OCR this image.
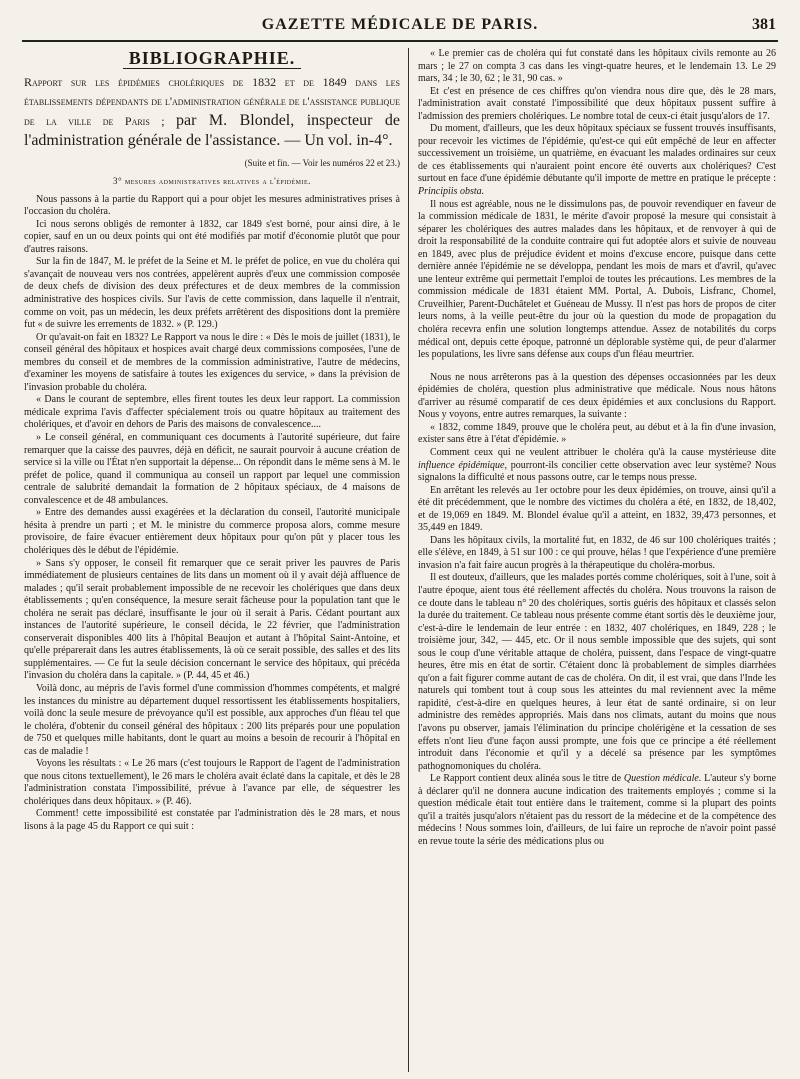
GAZETTE MÉDICALE DE PARIS.	381
BIBLIOGRAPHIE.

Rapport sur les épidémies cholériques de 1832 et de 1849 dans les établissements dépendants de l'administration générale de l'assistance publique de la ville de Paris ; par M. Blondel, inspecteur de l'administration générale de l'assistance. — Un vol. in-4°.

(Suite et fin. — Voir les numéros 22 et 23.)

3° mesures administratives relatives a l'épidémie.

Nous passons à la partie du Rapport qui a pour objet les mesures administratives prises à l'occasion du choléra.

Ici nous serons obligés de remonter à 1832, car 1849 s'est borné, pour ainsi dire, à le copier, sauf en un ou deux points qui ont été modifiés par motif d'économie plutôt que pour d'autres raisons.

Sur la fin de 1847, M. le préfet de la Seine et M. le préfet de police, en vue du choléra qui s'avançait de nouveau vers nos contrées, appelèrent auprès d'eux une commission composée de deux chefs de division des deux préfectures et de deux membres de la commission administrative des hospices civils. Sur l'avis de cette commission, dans laquelle il n'entrait, comme on voit, pas un médecin, les deux préfets arrêtèrent des dispositions dont la première fut « de suivre les errements de 1832. » (P. 129.)

Or qu'avait-on fait en 1832? Le Rapport va nous le dire : « Dès le mois de juillet (1831), le conseil général des hôpitaux et hospices avait chargé deux commissions composées, l'une de membres du conseil et de membres de la commission administrative, l'autre de médecins, d'examiner les moyens de satisfaire à toutes les exigences du service, » dans la prévision de l'invasion probable du choléra.

« Dans le courant de septembre, elles firent toutes les deux leur rapport. La commission médicale exprima l'avis d'affecter spécialement trois ou quatre hôpitaux au traitement des cholériques, et d'avoir en dehors de Paris des maisons de convalescence....

» Le conseil général, en communiquant ces documents à l'autorité supérieure, dut faire remarquer que la caisse des pauvres, déjà en déficit, ne saurait pourvoir à aucune création de service si la ville ou l'État n'en supportait la dépense... On répondit dans le même sens à M. le préfet de police, quand il communiqua au conseil un rapport par lequel une commission centrale de salubrité demandait la formation de 2 hôpitaux spéciaux, de 4 maisons de convalescence et de 48 ambulances.

» Entre des demandes aussi exagérées et la déclaration du conseil, l'autorité municipale hésita à prendre un parti ; et M. le ministre du commerce proposa alors, comme mesure provisoire, de faire évacuer entièrement deux hôpitaux pour qu'on pût y placer tous les cholériques dès le début de l'épidémie.

» Sans s'y opposer, le conseil fit remarquer que ce serait priver les pauvres de Paris immédiatement de plusieurs centaines de lits dans un moment où il y avait déjà affluence de malades ; qu'il serait probablement impossible de ne recevoir les cholériques que dans deux établissements ; qu'en conséquence, la mesure serait fâcheuse pour la population tant que le choléra ne serait pas déclaré, insuffisante le jour où il serait à Paris. Cédant pourtant aux instances de l'autorité supérieure, le conseil décida, le 22 février, que l'administration conserverait disponibles 400 lits à l'hôpital Beaujon et autant à l'hôpital Saint-Antoine, et qu'elle préparerait dans les autres établissements, là où ce serait possible, des salles et des lits supplémentaires. — Ce fut la seule décision concernant le service des hôpitaux, qui précéda l'invasion du choléra dans la capitale. » (P. 44, 45 et 46.)

Voilà donc, au mépris de l'avis formel d'une commission d'hommes compétents, et malgré les instances du ministre au département duquel ressortissent les établissements hospitaliers, voilà donc la seule mesure de prévoyance qu'il est possible, aux approches d'un fléau tel que le choléra, d'obtenir du conseil général des hôpitaux : 200 lits préparés pour une population de 750 et quelques mille habitants, dont le quart au moins a besoin de recourir à l'hôpital en cas de maladie !

Voyons les résultats : « Le 26 mars (c'est toujours le Rapport de l'agent de l'administration que nous citons textuellement), le 26 mars le choléra avait éclaté dans la capitale, et dès le 28 l'administration constata l'impossibilité, prévue à l'avance par elle, de séquestrer les cholériques dans deux hôpitaux. » (P. 46).

Comment! cette impossibilité est constatée par l'administration dès le 28 mars, et nous lisons à la page 45 du Rapport ce qui suit :

« Le premier cas de choléra qui fut constaté dans les hôpitaux civils remonte au 26 mars ; le 27 on compta 3 cas dans les vingt-quatre heures, et le lendemain 13. Le 29 mars, 34 ; le 30, 62 ; le 31, 90 cas. »

Et c'est en présence de ces chiffres qu'on viendra nous dire que, dès le 28 mars, l'administration avait constaté l'impossibilité que deux hôpitaux pussent suffire à l'admission des premiers cholériques. Le nombre total de ceux-ci était jusqu'alors de 17.

Du moment, d'ailleurs, que les deux hôpitaux spéciaux se fussent trouvés insuffisants, pour recevoir les victimes de l'épidémie, qu'est-ce qui eût empêché de leur en affecter successivement un troisième, un quatrième, en évacuant les malades ordinaires sur ceux de ces établissements qui n'auraient point encore été ouverts aux cholériques? C'est surtout en face d'une épidémie débutante qu'il importe de mettre en pratique le précepte : Principiis obsta.

Il nous est agréable, nous ne le dissimulons pas, de pouvoir revendiquer en faveur de la commission médicale de 1831, le mérite d'avoir proposé la mesure qui consistait à séparer les cholériques des autres malades dans les hôpitaux, et de renvoyer à qui de droit la responsabilité de la conduite contraire qui fut adoptée alors et suivie de nouveau en 1849, avec plus de préjudice évident et moins d'excuse encore, puisque dans cette dernière année l'épidémie ne se développa, pendant les mois de mars et d'avril, qu'avec une lenteur extrême qui permettait l'emploi de toutes les précautions. Les membres de la commission médicale de 1831 étaient MM. Portal, A. Dubois, Lisfranc, Chomel, Cruveilhier, Parent-Duchâtelet et Guéneau de Mussy. Il n'est pas hors de propos de citer leurs noms, à la veille peut-être du jour où la question du mode de propagation du choléra recevra enfin une solution longtemps attendue. Assez de notabilités du corps médical ont, depuis cette époque, patronné un déplorable système qui, de peur d'alarmer les populations, les livre sans défense aux coups d'un fléau meurtrier.

Nous ne nous arrêterons pas à la question des dépenses occasionnées par les deux épidémies de choléra, question plus administrative que médicale. Nous nous hâtons d'arriver au résumé comparatif de ces deux épidémies et aux conclusions du Rapport. Nous y voyons, entre autres remarques, la suivante :

« 1832, comme 1849, prouve que le choléra peut, au début et à la fin d'une invasion, exister sans être à l'état d'épidémie. »

Comment ceux qui ne veulent attribuer le choléra qu'à la cause mystérieuse dite influence épidémique, pourront-ils concilier cette observation avec leur système? Nous signalons la difficulté et nous passons outre, car le temps nous presse.

En arrêtant les relevés au 1er octobre pour les deux épidémies, on trouve, ainsi qu'il a été dit précédemment, que le nombre des victimes du choléra a été, en 1832, de 18,402, et de 19,069 en 1849. M. Blondel évalue qu'il a atteint, en 1832, 39,473 personnes, et 35,449 en 1849.

Dans les hôpitaux civils, la mortalité fut, en 1832, de 46 sur 100 cholériques traités ; elle s'élève, en 1849, à 51 sur 100 : ce qui prouve, hélas ! que l'expérience d'une première invasion n'a fait faire aucun progrès à la thérapeutique du choléra-morbus.

Il est douteux, d'ailleurs, que les malades portés comme cholériques, soit à l'une, soit à l'autre époque, aient tous été réellement affectés du choléra. Nous trouvons la raison de ce doute dans le tableau n° 20 des cholériques, sortis guéris des hôpitaux et classés selon la durée du traitement. Ce tableau nous présente comme étant sortis dès le deuxième jour, c'est-à-dire le lendemain de leur entrée : en 1832, 407 cholériques, en 1849, 228 ; le troisième jour, 342, — 445, etc. Or il nous semble impossible que des sujets, qui sont sous le coup d'une véritable attaque de choléra, puissent, dans l'espace de vingt-quatre heures, être mis en état de sortir. C'étaient donc là probablement de simples diarrhées qu'on a fait figurer comme autant de cas de choléra. On dit, il est vrai, que dans l'Inde les naturels qui tombent tout à coup sous les atteintes du mal reviennent avec la même rapidité, c'est-à-dire en quelques heures, à leur état de santé ordinaire, si on leur administre des remèdes appropriés. Mais dans nos climats, autant du moins que nous l'avons pu observer, jamais l'élimination du principe cholérigène et la cessation de ses effets n'ont lieu d'une façon aussi prompte, une fois que ce principe a été réellement introduit dans l'économie et qu'il y a décelé sa présence par les symptômes pathognomoniques du choléra.

Le Rapport contient deux alinéa sous le titre de Question médicale. L'auteur s'y borne à déclarer qu'il ne donnera aucune indication des traitements employés ; comme si la question médicale était tout entière dans le traitement, comme si la plupart des points qu'il a traités jusqu'alors n'étaient pas du ressort de la médecine et de la compétence des médecins ! Nous sommes loin, d'ailleurs, de lui faire un reproche de n'avoir point passé en revue toute la série des médications plus ou
